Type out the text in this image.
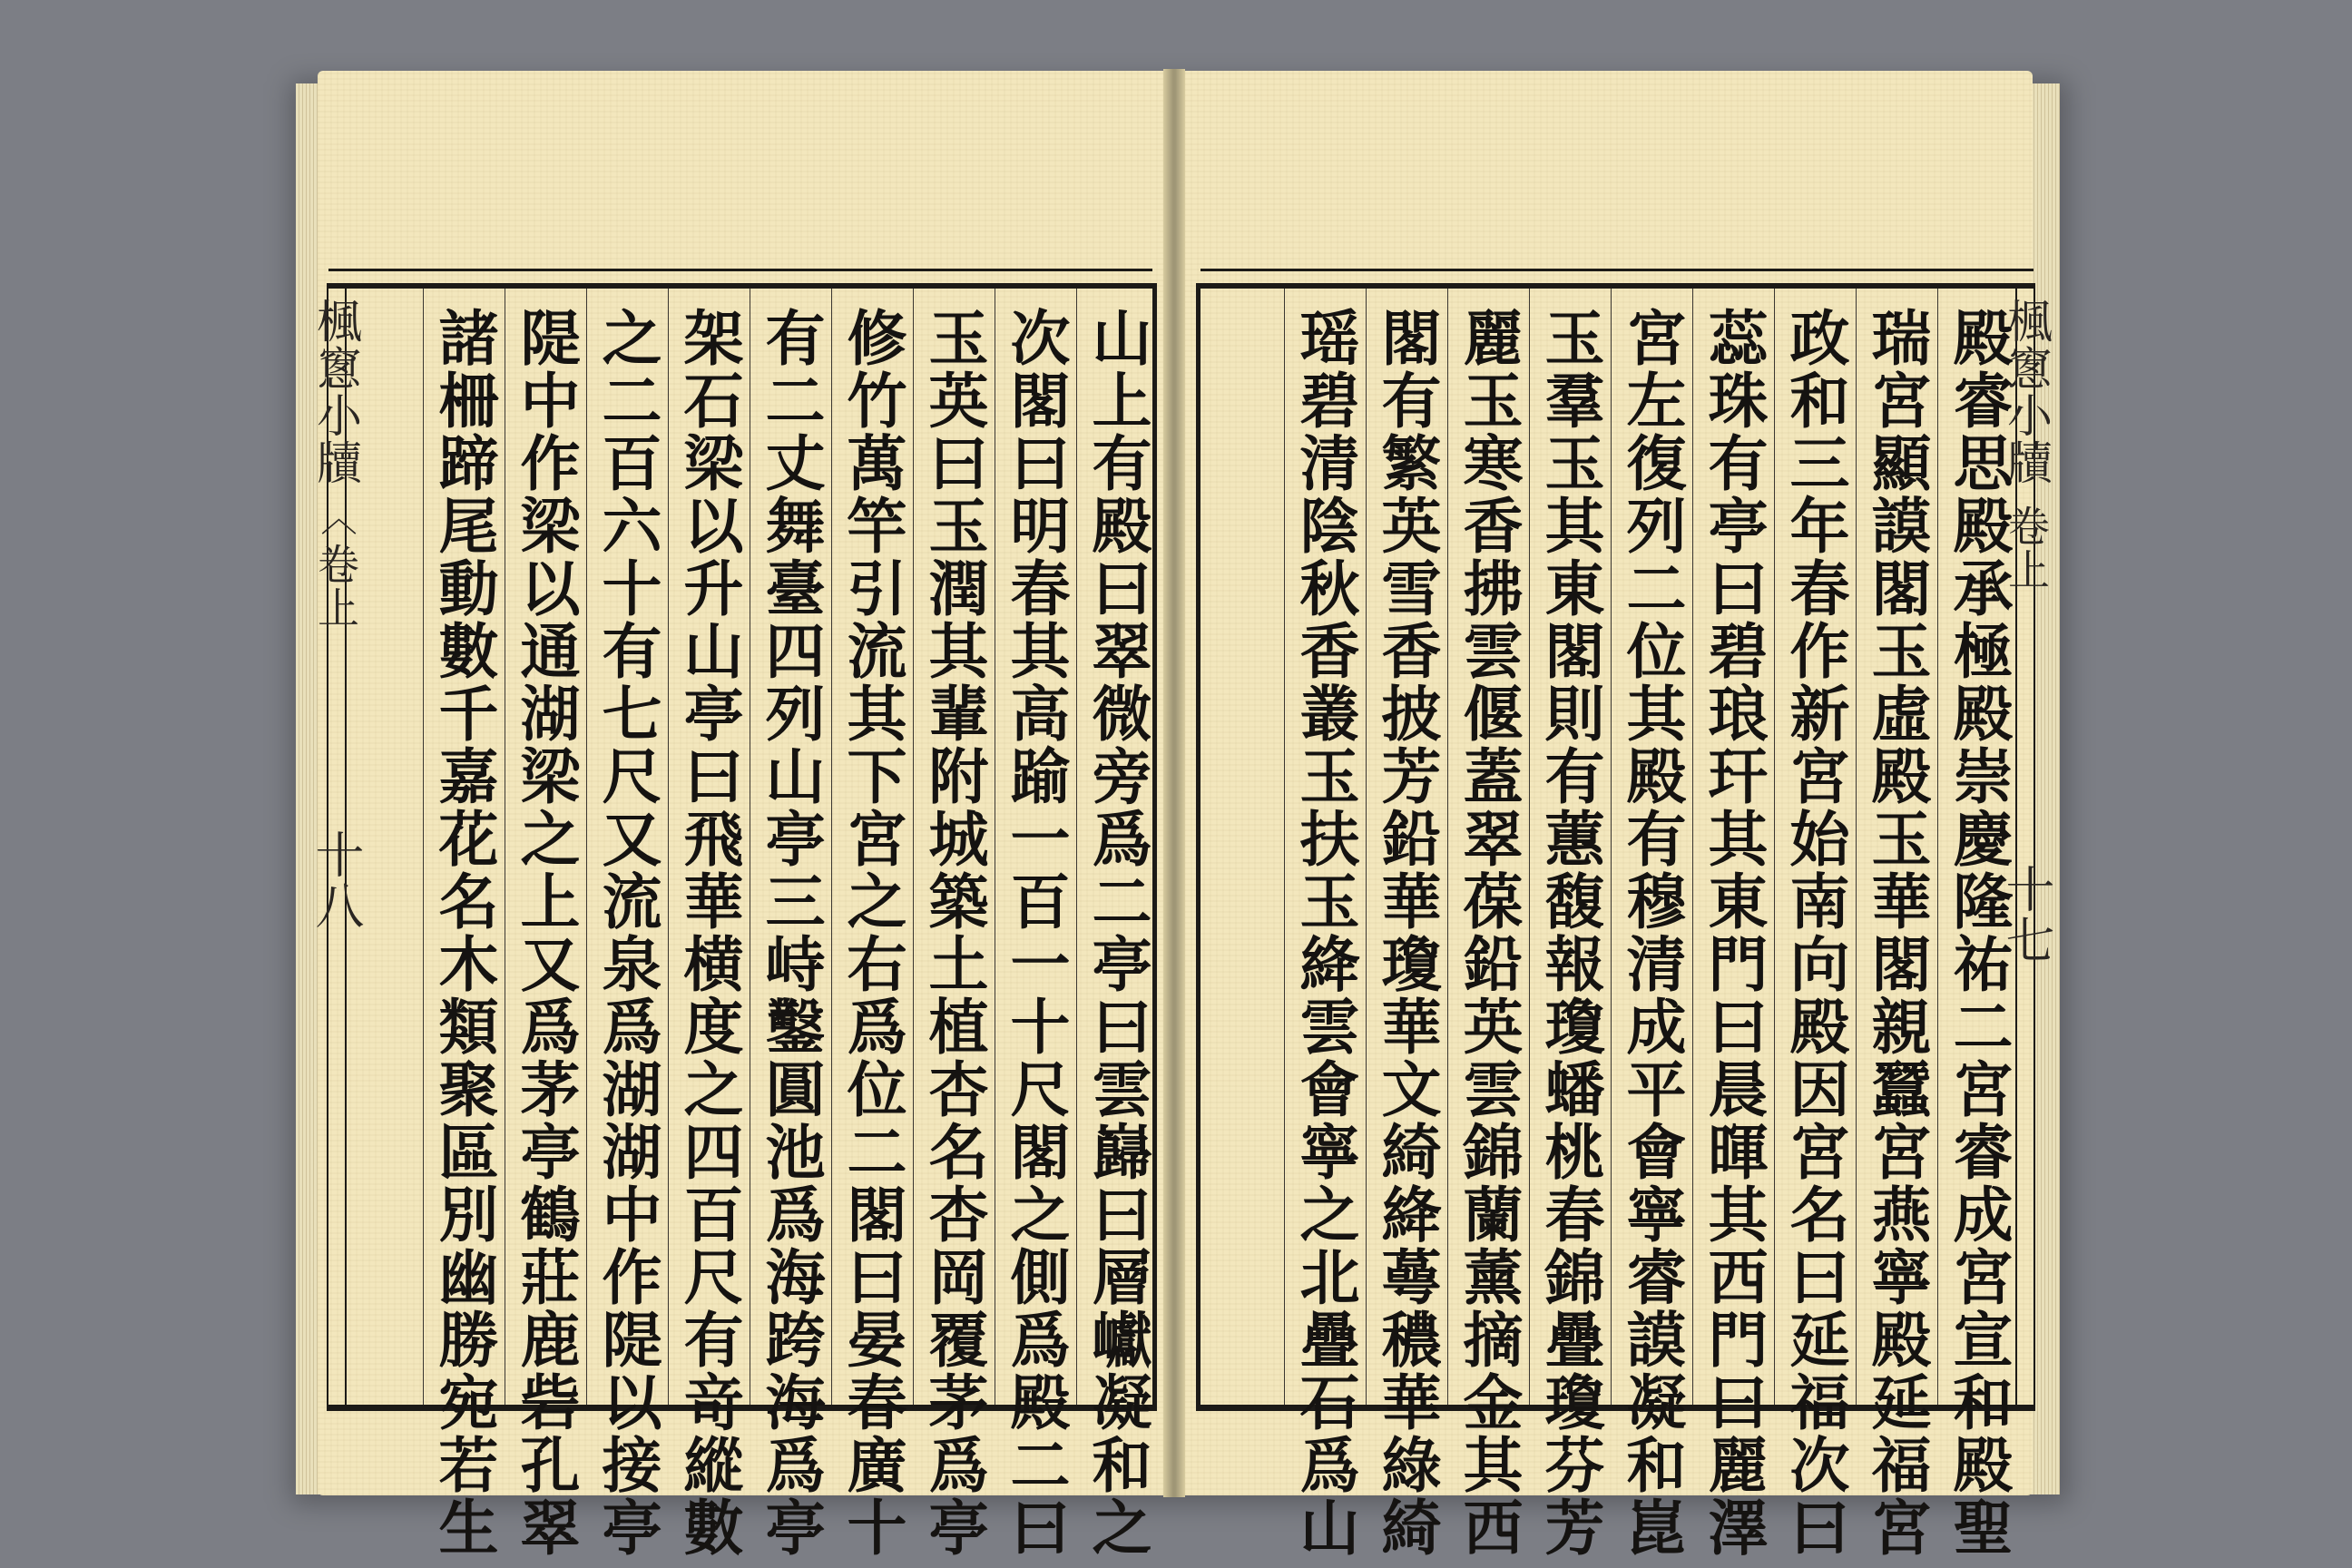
楓窻小牘
︿
卷上
十八	山上有殿曰翠微旁爲二亭曰雲巋曰層巘凝和之
次閣曰明春其高踰一百一十尺閣之側爲殿二曰
玉英曰玉潤其輩附城築土植杏名杏岡覆茅爲亭
修竹萬竿引流其下宮之右爲位二閣曰晏春廣十
有二丈舞臺四列山亭三峙鑿圓池爲海跨海爲亭
架石梁以升山亭曰飛華横度之四百尺有竒縱數
之二百六十有七尺又流泉爲湖湖中作隄以接亭
隄中作梁以通湖梁之上又爲茅亭鶴莊鹿砦孔翠
諸柵蹄尾動數千嘉花名木類聚區別幽勝宛若生	楓窻小牘
卷上
十七
殿睿思殿承極殿崇慶隆祐二宮睿成宮宣和殿聖
瑞宮顯謨閣玉虛殿玉華閣親蠶宮燕寧殿延福宮
政和三年春作新宮始南向殿因宮名曰延福次曰
蕊珠有亭曰碧琅玕其東門曰晨暉其西門曰麗澤
宮左復列二位其殿有穆清成平會寧睿謨凝和崑
玉羣玉其東閣則有蕙馥報瓊蟠桃春錦疊瓊芬芳
麗玉寒香拂雲偃蓋翠葆鉛英雲錦蘭薰摘金其西
閣有繁英雪香披芳鉛華瓊華文綺絳蕚穠華綠綺
瑶碧清陰秋香叢玉扶玉絳雲會寧之北疊石爲山
